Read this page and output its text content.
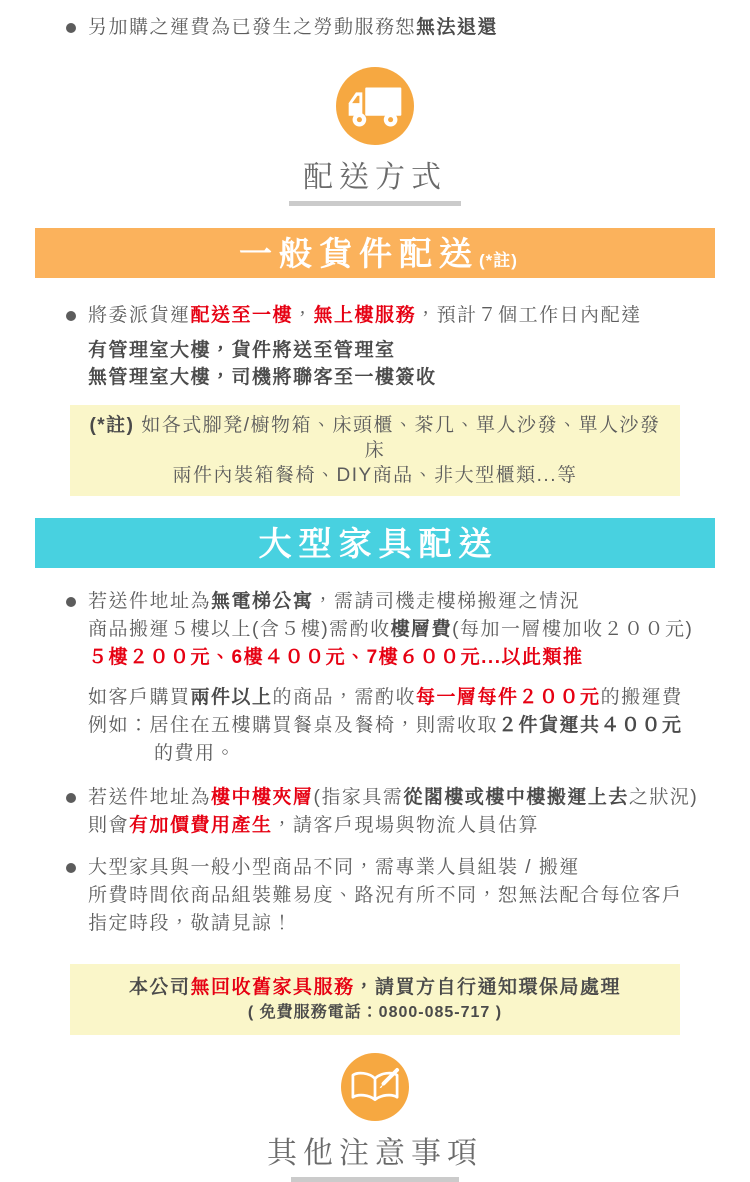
另加購之運費為已發生之勞動服務恕無法退還
配送方式
一般貨件配送 (*註)
將委派貨運配送至一樓，無上樓服務，預計７個工作日內配達
有管理室大樓，貨件將送至管理室
無管理室大樓，司機將聯客至一樓簽收
(*註) 如各式腳凳/櫥物箱、床頭櫃、茶几、單人沙發、單人沙發床
兩件內裝箱餐椅、DIY商品、非大型櫃類...等
大型家具配送
若送件地址為無電梯公寓，需請司機走樓梯搬運之情況
商品搬運５樓以上(含５樓)需酌收樓層費(每加一層樓加收２００元)
５樓２００元、6樓４００元、7樓６００元...以此類推
如客戶購買兩件以上的商品，需酌收每一層每件２００元的搬運費
例如：居住在五樓購買餐桌及餐椅，則需收取２件貨運共４００元
的費用。
若送件地址為樓中樓夾層(指家具需從閣樓或樓中樓搬運上去之狀況)
則會有加價費用產生，請客戶現場與物流人員估算
大型家具與一般小型商品不同，需專業人員組裝 / 搬運
所費時間依商品組裝難易度、路況有所不同，恕無法配合每位客戶
指定時段，敬請見諒！
本公司無回收舊家具服務，請買方自行通知環保局處理
( 免費服務電話：0800-085-717 )
其他注意事項
